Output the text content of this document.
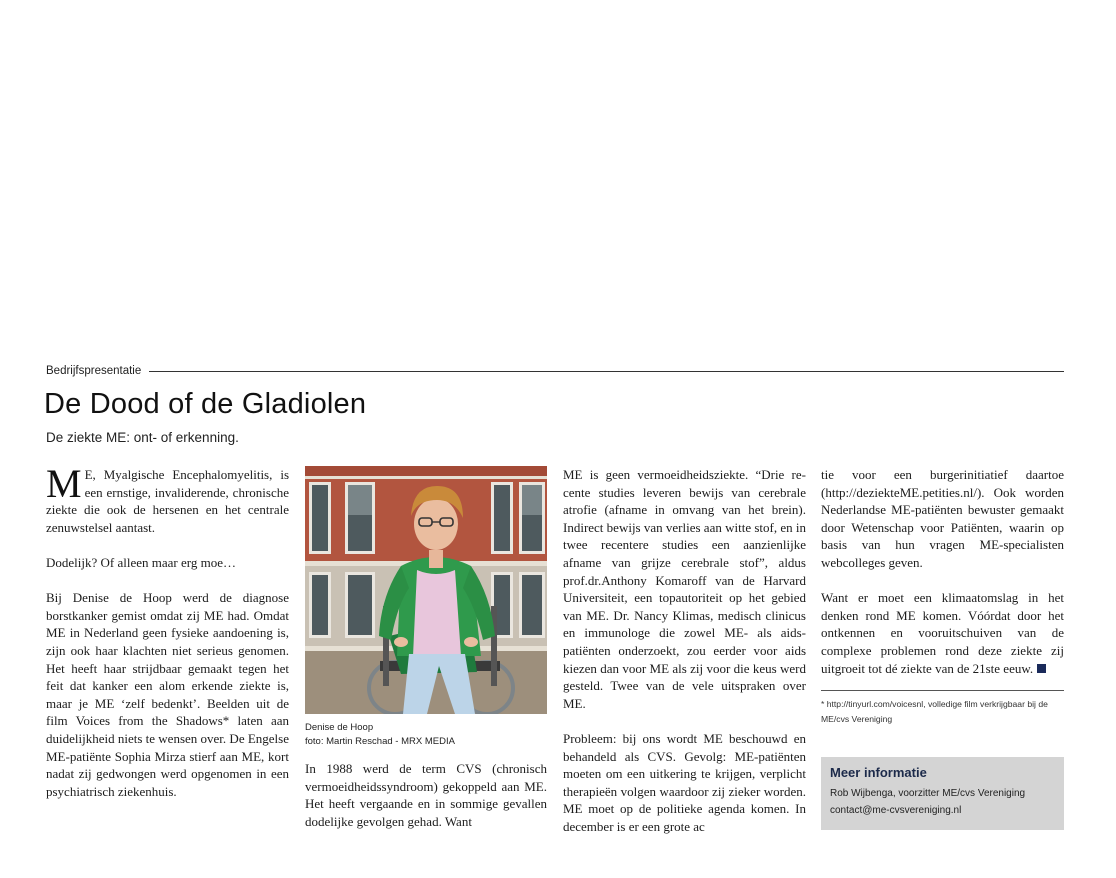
Bedrijfspresentatie
De Dood of de Gladiolen
De ziekte ME: ont- of erkenning.

M E, Myalgische Encephalomyelitis, is een ernstige, invaliderende, chronische ziekte die ook de hersenen en het centrale zenuwstelsel aantast.

Dodelijk? Of alleen maar erg moe…

Bij Denise de Hoop werd de diagnose borstkanker gemist omdat zij ME had. Omdat ME in Nederland geen fysieke aandoening is, zijn ook haar klachten niet serieus genomen. Het heeft haar strijdbaar gemaakt tegen het feit dat kanker een alom erkende ziekte is, maar je ME ‘zelf bedenkt’. Beelden uit de film Voices from the Shadows* laten aan duidelijkheid niets te wensen over. De Engelse ME-patiënte Sophia Mirza stierf aan ME, kort nadat zij gedwongen werd opgenomen in een psychiatrisch ziekenhuis.

Denise de Hoop
foto: Martin Reschad - MRX MEDIA

In 1988 werd de term CVS (chronisch vermoeidheidssyndroom) gekoppeld aan ME. Het heeft vergaande en in sommige gevallen dodelijke gevolgen gehad. Want

ME is geen vermoeidheidsziekte. “Drie recente studies leveren bewijs van cerebrale atrofie (afname in omvang van het brein). Indirect bewijs van verlies aan witte stof, en in twee recentere studies een aanzienlijke afname van grijze cerebrale stof”, aldus prof.dr.Anthony Komaroff van de Harvard Universiteit, een topautoriteit op het gebied van ME. Dr. Nancy Klimas, medisch clinicus en immunologe die zowel ME- als aids-patiënten onderzoekt, zou eerder voor aids kiezen dan voor ME als zij voor die keus werd gesteld. Twee van de vele uitspraken over ME.

Probleem: bij ons wordt ME beschouwd en behandeld als CVS. Gevolg: ME-patiënten moeten om een uitkering te krijgen, verplicht therapieën volgen waardoor zij zieker worden. ME moet op de politieke agenda komen. In december is er een grote ac

tie voor een burgerinitiatief daartoe (http://deziekteME.petities.nl/). Ook worden Nederlandse ME-patiënten bewuster gemaakt door Wetenschap voor Patiënten, waarin op basis van hun vragen ME-specialisten webcolleges geven.

Want er moet een klimaatomslag in het denken rond ME komen. Vóórdat door het ontkennen en vooruitschuiven van de complexe problemen rond deze ziekte zij uitgroeit tot dé ziekte van de 21ste eeuw.

* http://tinyurl.com/voicesnl, volledige film verkrijgbaar bij de ME/cvs Vereniging
Meer informatie
Rob Wijbenga, voorzitter ME/cvs Vereniging
contact@me-cvsvereniging.nl
